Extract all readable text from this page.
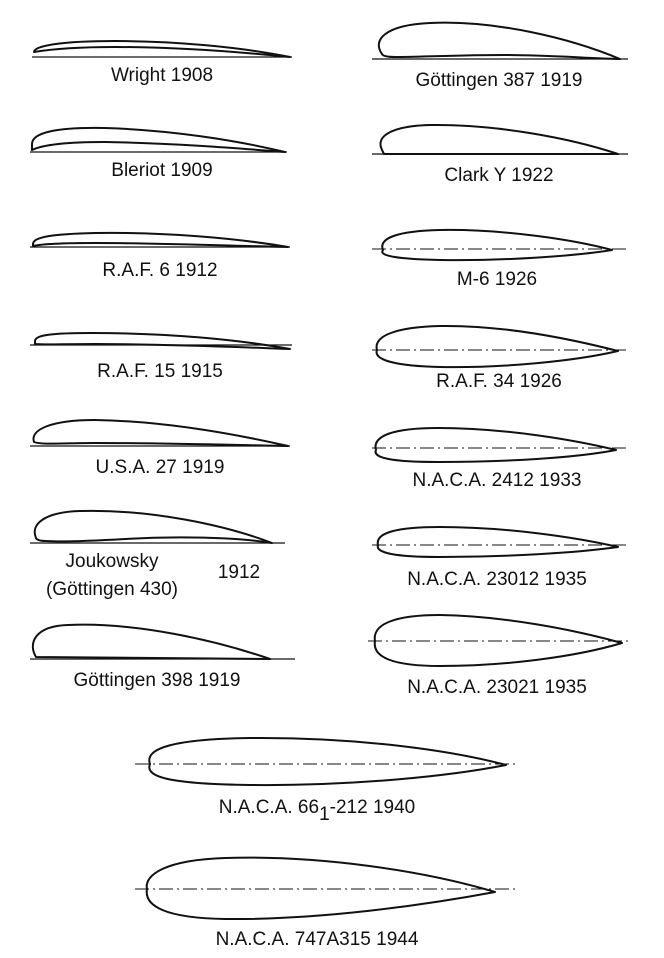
Wright 1908
Bleriot 1909
R.A.F. 6 1912
R.A.F. 15 1915
U.S.A. 27 1919
Joukowsky
(Göttingen 430)
1912
Göttingen 398 1919
Göttingen 387 1919
Clark Y 1922
M-6 1926
R.A.F. 34 1926
N.A.C.A. 2412 1933
N.A.C.A. 23012 1935
N.A.C.A. 23021 1935
N.A.C.A. 661-212 1940
N.A.C.A. 747A315 1944
